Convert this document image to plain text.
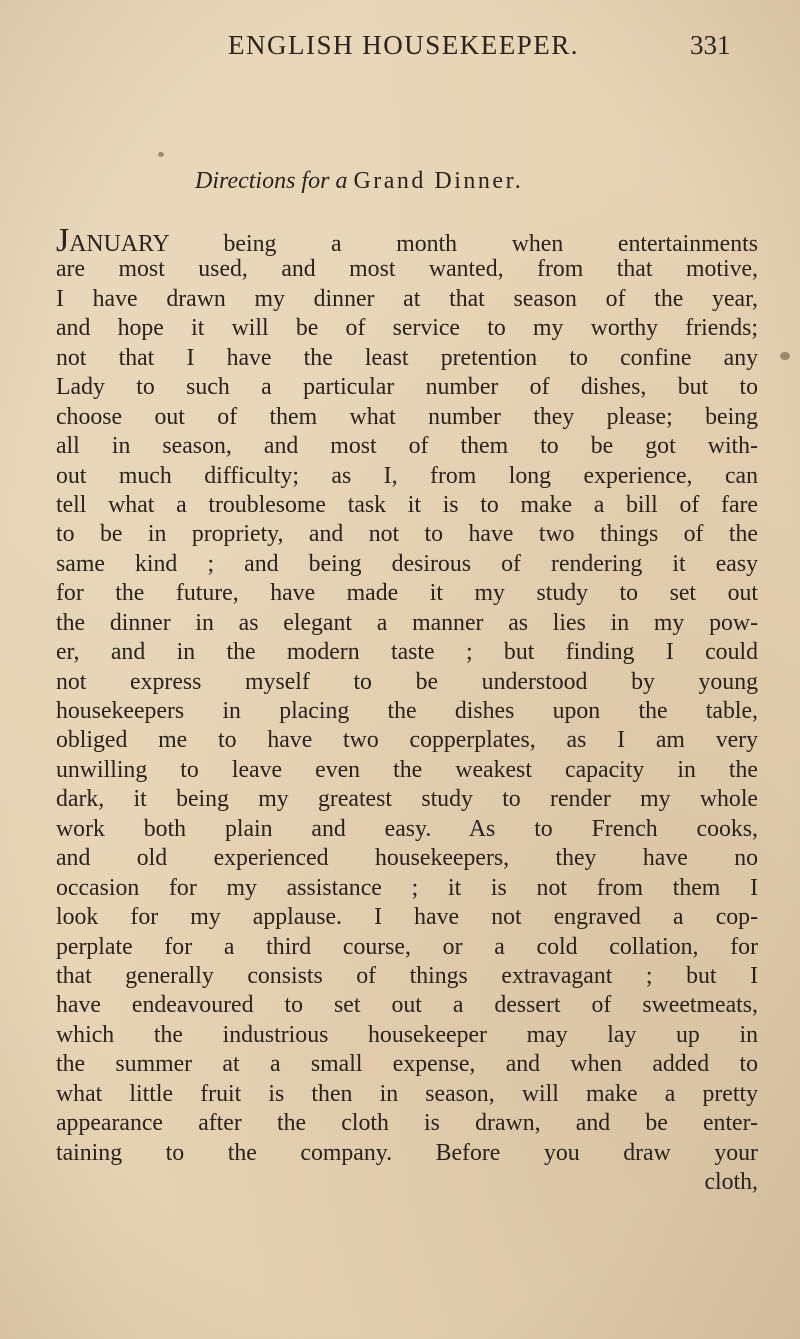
ENGLISH HOUSEKEEPER.	331
Directions for a Grand Dinner.
JANUARY being a month when entertainments
are most used, and most wanted, from that motive,
I have drawn my dinner at that season of the year,
and hope it will be of service to my worthy friends;
not that I have the least pretention to confine any
Lady to such a particular number of dishes, but to
choose out of them what number they please; being
all in season, and most of them to be got with-
out much difficulty; as I, from long experience, can
tell what a troublesome task it is to make a bill of fare
to be in propriety, and not to have two things of the
same kind ; and being desirous of rendering it easy
for the future, have made it my study to set out
the dinner in as elegant a manner as lies in my pow-
er, and in the modern taste ; but finding I could
not express myself to be understood by young
housekeepers in placing the dishes upon the table,
obliged me to have two copperplates, as I am very
unwilling to leave even the weakest capacity in the
dark, it being my greatest study to render my whole
work both plain and easy. As to French cooks,
and old experienced housekeepers, they have no
occasion for my assistance ; it is not from them I
look for my applause. I have not engraved a cop-
perplate for a third course, or a cold collation, for
that generally consists of things extravagant ; but I
have endeavoured to set out a dessert of sweetmeats,
which the industrious housekeeper may lay up in
the summer at a small expense, and when added to
what little fruit is then in season, will make a pretty
appearance after the cloth is drawn, and be enter-
taining to the company. Before you draw your
cloth,
